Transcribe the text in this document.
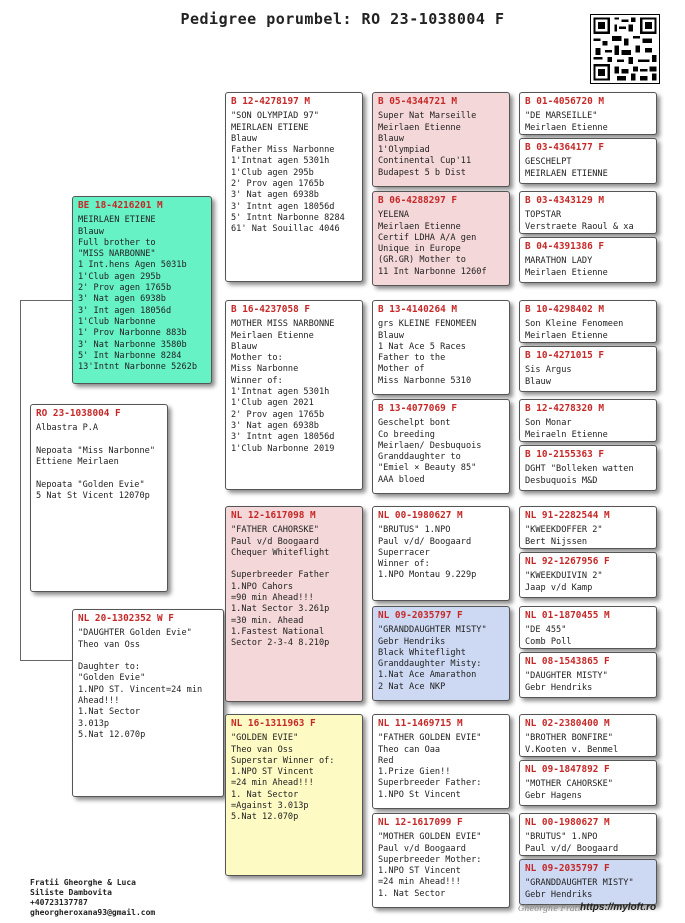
Pedigree porumbel: RO 23-1038004 F
RO 23-1038004 F
Albastra P.A
Nepoata "Miss Narbonne"
Ettiene Meirlaen
Nepoata "Golden Evie"
5 Nat St Vicent 12070p
BE 18-4216201 M
MEIRLAEN ETIENE
Blauw
Full brother to
"MISS NARBONNE"
1 Int.hens Agen 5031b
1'Club agen 295b
2' Prov agen 1765b
3' Nat agen 6938b
3' Int agen 18056d
1'Club Narbonne
1' Prov Narbonne 883b
3' Nat Narbonne 3580b
5' Int Narbonne 8284
13'Intnt Narbonne 5262b
NL 20-1302352 W F
"DAUGHTER Golden Evie"
Theo van Oss
Daughter to:
"Golden Evie"
1.NPO ST. Vincent=24 min
Ahead!!!
1.Nat Sector
3.013p
5.Nat 12.070p
B 12-4278197 M
"SON OLYMPIAD 97"
MEIRLAEN ETIENE
Blauw
Father Miss Narbonne
1'Intnat agen 5301h
1'Club agen 295b
2' Prov agen 1765b
3' Nat agen 6938b
3' Intnt agen 18056d
5' Intnt Narbonne 8284
61' Nat Souillac 4046
B 16-4237058 F
MOTHER MISS NARBONNE
Meirlaen Etienne
Blauw
Mother to:
Miss Narbonne
Winner of:
1'Intnat agen 5301h
1'Club agen 2021
2' Prov agen 1765b
3' Nat agen 6938b
3' Intnt agen 18056d
1'Club Narbonne 2019
NL 12-1617098 M
"FATHER CAHORSKE"
Paul v/d Boogaard
Chequer Whiteflight
Superbreeder Father
1.NPO Cahors
=90 min Ahead!!!
1.Nat Sector 3.261p
=30 min. Ahead
1.Fastest National
Sector 2-3-4 8.210p
NL 16-1311963 F
"GOLDEN EVIE"
Theo van Oss
Superstar Winner of:
1.NPO ST Vincent
=24 min Ahead!!!
1. Nat Sector
=Against 3.013p
5.Nat 12.070p
B 05-4344721 M
Super Nat Marseille
Meirlaen Etienne
Blauw
1'Olympiad
Continental Cup'11
Budapest 5 b Dist
B 06-4288297 F
YELENA
Meirlaen Etienne
Certif LDHA A/A gen
Unique in Europe
(GR.GR) Mother to
11 Int Narbonne 1260f
B 13-4140264 M
grs KLEINE FENOMEEN
Blauw
1 Nat Ace 5 Races
Father to the
Mother of
Miss Narbonne 5310
B 13-4077069 F
Geschelpt bont
Co breeding
Meirlaen/ Desbuquois
Granddaughter to
"Emiel × Beauty 85"
AAA bloed
NL 00-1980627 M
"BRUTUS" 1.NPO
Paul v/d/ Boogaard
Superracer
Winner of:
1.NPO Montau 9.229p
NL 09-2035797 F
"GRANDDAUGHTER MISTY"
Gebr Hendriks
Black Whiteflight
Granddaughter Misty:
1.Nat Ace Amarathon
2 Nat Ace NKP
NL 11-1469715 M
"FATHER GOLDEN EVIE"
Theo can Oaa
Red
1.Prize Gien!!
Superbreeder Father:
1.NPO St Vincent
NL 12-1617099 F
"MOTHER GOLDEN EVIE"
Paul v/d Boogaard
Superbreeder Mother:
1.NPO ST Vincent
=24 min Ahead!!!
1. Nat Sector
B 01-4056720 M
"DE MARSEILLE"
Meirlaen Etienne
B 03-4364177 F
GESCHELPT
MEIRLAEN ETIENNE
B 03-4343129 M
TOPSTAR
Verstraete Raoul & xa
B 04-4391386 F
MARATHON LADY
Meirlaen Etienne
B 10-4298402 M
Son Kleine Fenomeen
Meirlaen Etienne
B 10-4271015 F
Sis Argus
Blauw
B 12-4278320 M
Son Monar
Meiraeln Etienne
B 10-2155363 F
DGHT "Bolleken watten
Desbuquois M&D
NL 91-2282544 M
"KWEEKDOFFER 2"
Bert Nijssen
NL 92-1267956 F
"KWEEKDUIVIN 2"
Jaap v/d Kamp
NL 01-1870455 M
"DE 455"
Comb Poll
NL 08-1543865 F
"DAUGHTER MISTY"
Gebr Hendriks
NL 02-2380400 M
"BROTHER BONFIRE"
V.Kooten v. Benmel
NL 09-1847892 F
"MOTHER CAHORSKE"
Gebr Hagens
NL 00-1980627 M
"BRUTUS" 1.NPO
Paul v/d/ Boogaard
NL 09-2035797 F
"GRANDDAUGHTER MISTY"
Gebr Hendriks
Fratii Gheorghe & Luca
Siliste Dambovita
+40723137787
gheorgheroxana93@gmail.com	Gheorghe Fratii
https://myloft.ro
